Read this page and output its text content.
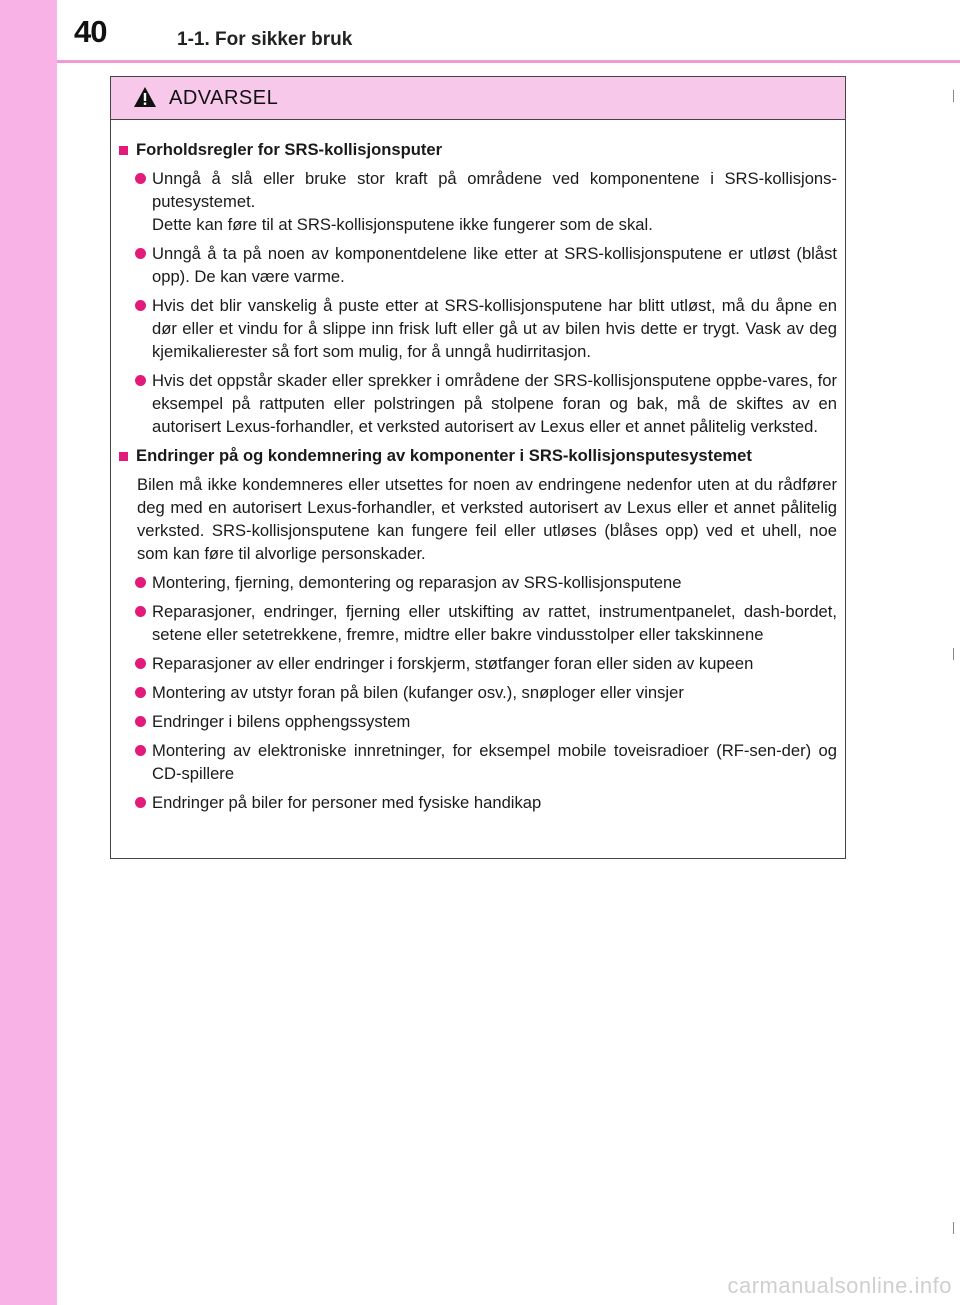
40	1-1. For sikker bruk
ADVARSEL
Forholdsregler for SRS-kollisjonsputer
Unngå å slå eller bruke stor kraft på områdene ved komponentene i SRS-kollisjons-putesystemet.
Dette kan føre til at SRS-kollisjonsputene ikke fungerer som de skal.
Unngå å ta på noen av komponentdelene like etter at SRS-kollisjonsputene er utløst (blåst opp). De kan være varme.
Hvis det blir vanskelig å puste etter at SRS-kollisjonsputene har blitt utløst, må du åpne en dør eller et vindu for å slippe inn frisk luft eller gå ut av bilen hvis dette er trygt. Vask av deg kjemikalierester så fort som mulig, for å unngå hudirritasjon.
Hvis det oppstår skader eller sprekker i områdene der SRS-kollisjonsputene oppbe-vares, for eksempel på rattputen eller polstringen på stolpene foran og bak, må de skiftes av en autorisert Lexus-forhandler, et verksted autorisert av Lexus eller et annet pålitelig verksted.
Endringer på og kondemnering av komponenter i SRS-kollisjonsputesystemet
Bilen må ikke kondemneres eller utsettes for noen av endringene nedenfor uten at du rådfører deg med en autorisert Lexus-forhandler, et verksted autorisert av Lexus eller et annet pålitelig verksted. SRS-kollisjonsputene kan fungere feil eller utløses (blåses opp) ved et uhell, noe som kan føre til alvorlige personskader.
Montering, fjerning, demontering og reparasjon av SRS-kollisjonsputene
Reparasjoner, endringer, fjerning eller utskifting av rattet, instrumentpanelet, dash-bordet, setene eller setetrekkene, fremre, midtre eller bakre vindusstolper eller takskinnene
Reparasjoner av eller endringer i forskjerm, støtfanger foran eller siden av kupeen
Montering av utstyr foran på bilen (kufanger osv.), snøploger eller vinsjer
Endringer i bilens opphengssystem
Montering av elektroniske innretninger, for eksempel mobile toveisradioer (RF-sen-der) og CD-spillere
Endringer på biler for personer med fysiske handikap
carmanualsonline.info
